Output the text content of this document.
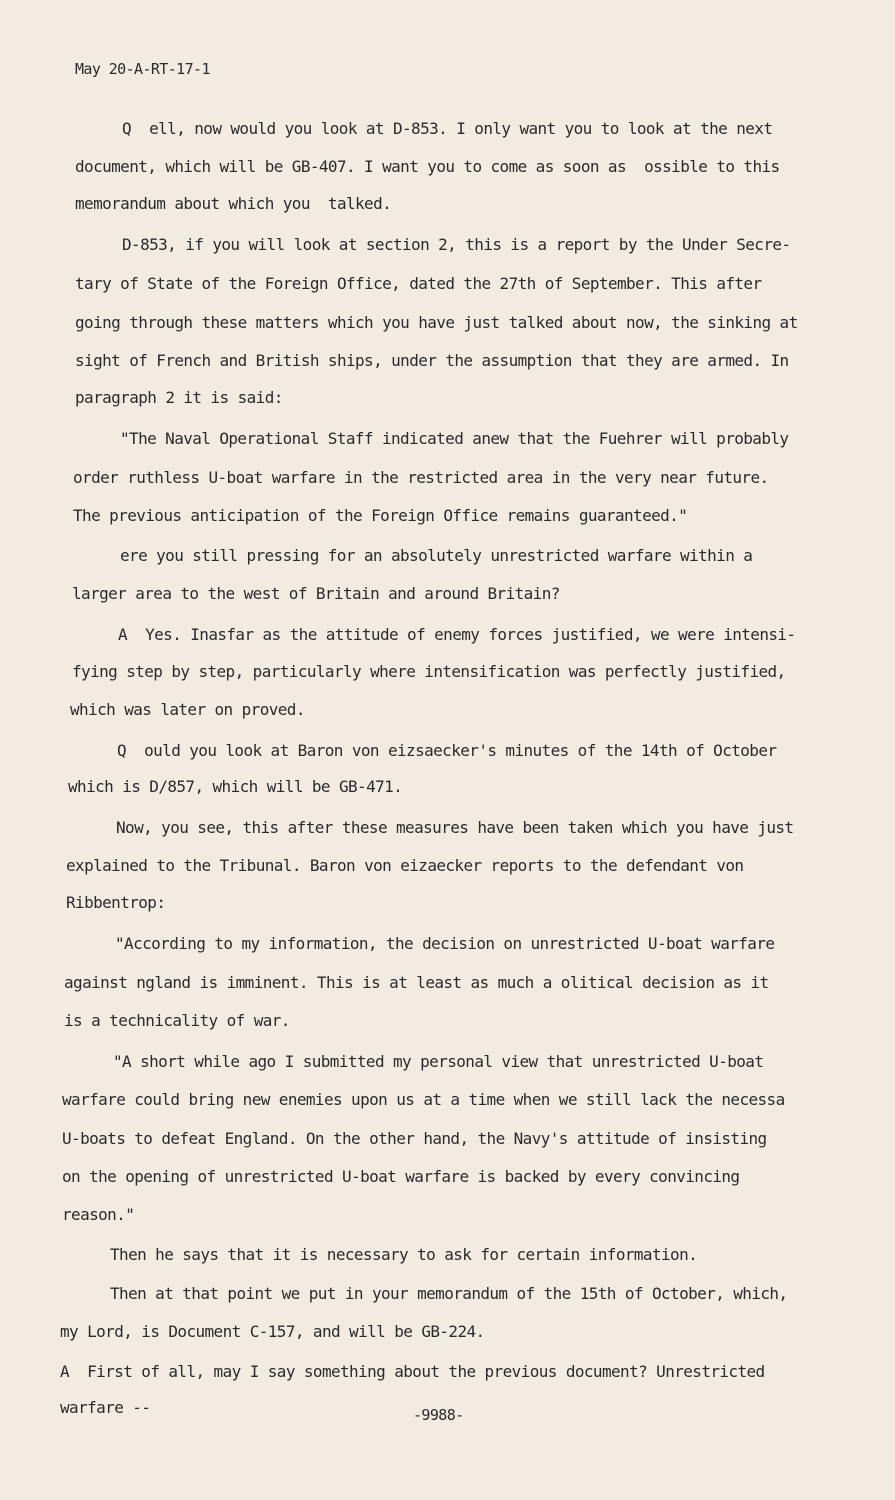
May 20-A-RT-17-1

Q  ell, now would you look at D-853. I only want you to look at the next

document, which will be GB-407. I want you to come as soon as  ossible to this

memorandum about which you  talked.

D-853, if you will look at section 2, this is a report by the Under Secre-

tary of State of the Foreign Office, dated the 27th of September. This after

going through these matters which you have just talked about now, the sinking at

sight of French and British ships, under the assumption that they are armed. In

paragraph 2 it is said:

"The Naval Operational Staff indicated anew that the Fuehrer will probably

order ruthless U-boat warfare in the restricted area in the very near future.

The previous anticipation of the Foreign Office remains guaranteed."

ere you still pressing for an absolutely unrestricted warfare within a

larger area to the west of Britain and around Britain?

A  Yes. Inasfar as the attitude of enemy forces justified, we were intensi-

fying step by step, particularly where intensification was perfectly justified,

which was later on proved.

Q  ould you look at Baron von eizsaecker's minutes of the 14th of October

which is D/857, which will be GB-471.

Now, you see, this after these measures have been taken which you have just

explained to the Tribunal. Baron von eizaecker reports to the defendant von

Ribbentrop:

"According to my information, the decision on unrestricted U-boat warfare

against ngland is imminent. This is at least as much a olitical decision as it

is a technicality of war.

"A short while ago I submitted my personal view that unrestricted U-boat

warfare could bring new enemies upon us at a time when we still lack the necessa

U-boats to defeat England. On the other hand, the Navy's attitude of insisting

on the opening of unrestricted U-boat warfare is backed by every convincing

reason."

Then he says that it is necessary to ask for certain information.

Then at that point we put in your memorandum of the 15th of October, which,

my Lord, is Document C-157, and will be GB-224.

A  First of all, may I say something about the previous document? Unrestricted

warfare --	-9988-
